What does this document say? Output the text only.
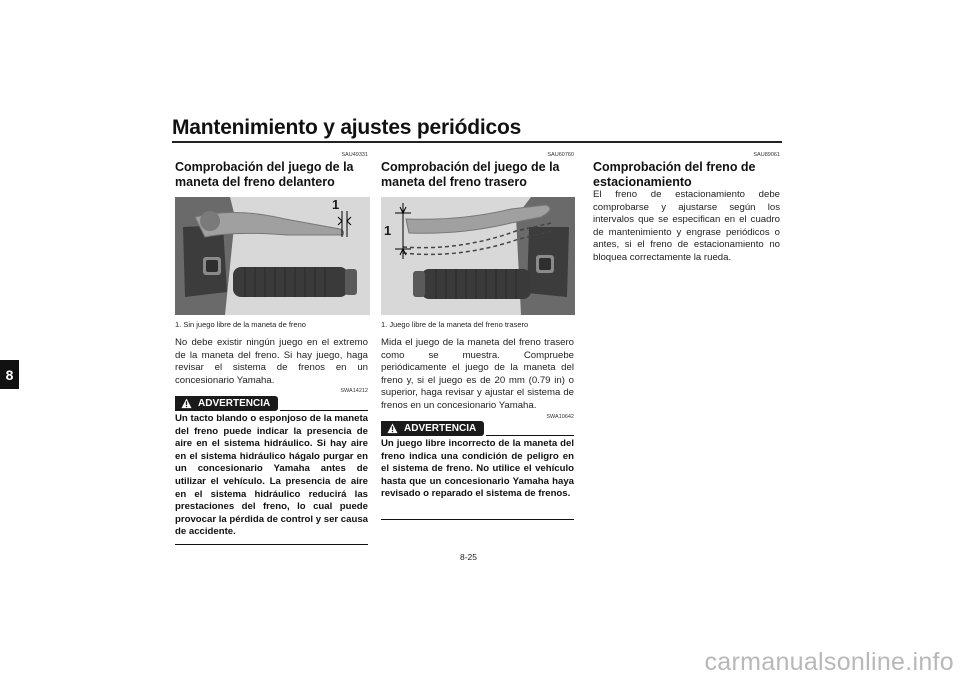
Mantenimiento y ajustes periódicos
8
SAU49331
Comprobación del juego de la maneta del freno delantero
1
1. Sin juego libre de la maneta de freno
No debe existir ningún juego en el extremo de la maneta del freno. Si hay juego, haga revisar el sistema de frenos en un concesionario Yamaha.
SWA14212
ADVERTENCIA
Un tacto blando o esponjoso de la maneta del freno puede indicar la presencia de aire en el sistema hidráulico. Si hay aire en el sistema hidráulico hágalo purgar en un concesionario Yamaha antes de utilizar el vehículo. La presencia de aire en el sistema hidráulico reducirá las prestaciones del freno, lo cual puede provocar la pérdida de control y ser causa de accidente.
SAU60760
Comprobación del juego de la maneta del freno trasero
1
1. Juego libre de la maneta del freno trasero
Mida el juego de la maneta del freno trasero como se muestra. Compruebe periódicamente el juego de la maneta del freno y, si el juego es de 20 mm (0.79 in) o superior, haga revisar y ajustar el sistema de frenos en un concesionario Yamaha.
SWA10642
ADVERTENCIA
Un juego libre incorrecto de la maneta del freno indica una condición de peligro en el sistema de freno. No utilice el vehículo hasta que un concesionario Yamaha haya revisado o reparado el sistema de frenos.
SAU89061
Comprobación del freno de estacionamiento
El freno de estacionamiento debe comprobarse y ajustarse según los intervalos que se especifican en el cuadro de mantenimiento y engrase periódicos o antes, si el freno de estacionamiento no bloquea correctamente la rueda.
8-25
carmanualsonline.info
